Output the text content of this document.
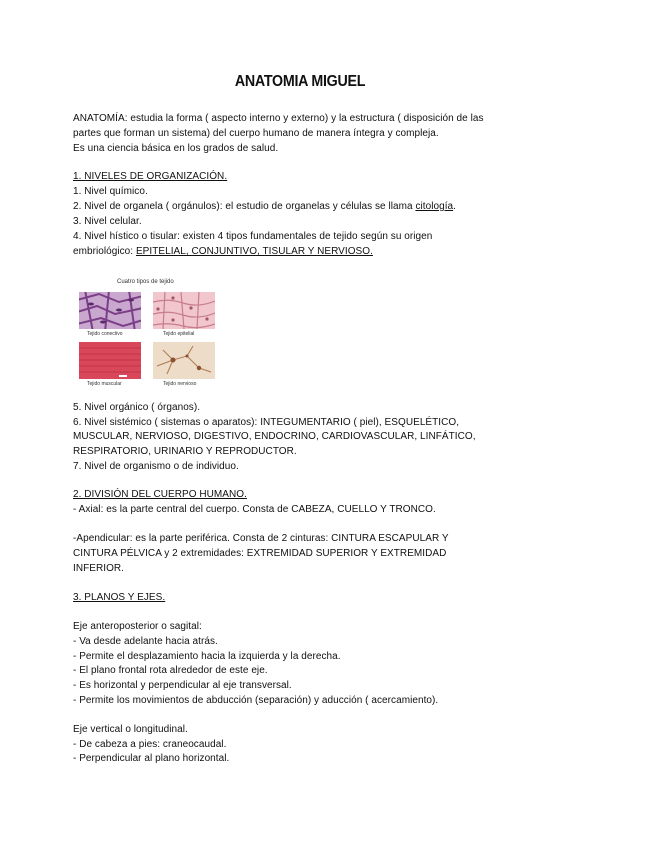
ANATOMIA MIGUEL
ANATOMÍA: estudia la forma ( aspecto interno y externo) y la estructura ( disposición de las
partes que forman un sistema) del cuerpo humano de manera íntegra y compleja.
Es una ciencia básica en los grados de salud.
1. NIVELES DE ORGANIZACIÓN.
1. Nivel químico.
2. Nivel de organela ( orgánulos): el estudio de organelas y células se llama citología.
3. Nivel celular.
4. Nivel hístico o tisular: existen 4 tipos fundamentales de tejido según su origen
embriológico: EPITELIAL, CONJUNTIVO, TISULAR Y NERVIOSO.
Cuatro tipos de tejido
Tejido conectivo	Tejido epitelial
Tejido muscular	Tejido nervioso
5. Nivel orgánico ( órganos).
6. Nivel sistémico ( sistemas o aparatos): INTEGUMENTARIO ( piel), ESQUELÉTICO,
MUSCULAR, NERVIOSO, DIGESTIVO, ENDOCRINO, CARDIOVASCULAR, LINFÁTICO,
RESPIRATORIO, URINARIO Y REPRODUCTOR.
7. Nivel de organismo o de individuo.
2. DIVISIÓN DEL CUERPO HUMANO.
- Axial: es la parte central del cuerpo. Consta de CABEZA, CUELLO Y TRONCO.
-Apendicular: es la parte periférica. Consta de 2 cinturas: CINTURA ESCAPULAR Y
CINTURA PÉLVICA y 2 extremidades: EXTREMIDAD SUPERIOR Y EXTREMIDAD
INFERIOR.
3. PLANOS Y EJES.
Eje anteroposterior o sagital:
- Va desde adelante hacia atrás.
- Permite el desplazamiento hacia la izquierda y la derecha.
- El plano frontal rota alrededor de este eje.
- Es horizontal y perpendicular al eje transversal.
- Permite los movimientos de abducción (separación) y aducción ( acercamiento).
Eje vertical o longitudinal.
- De cabeza a pies: craneocaudal.
- Perpendicular al plano horizontal.
